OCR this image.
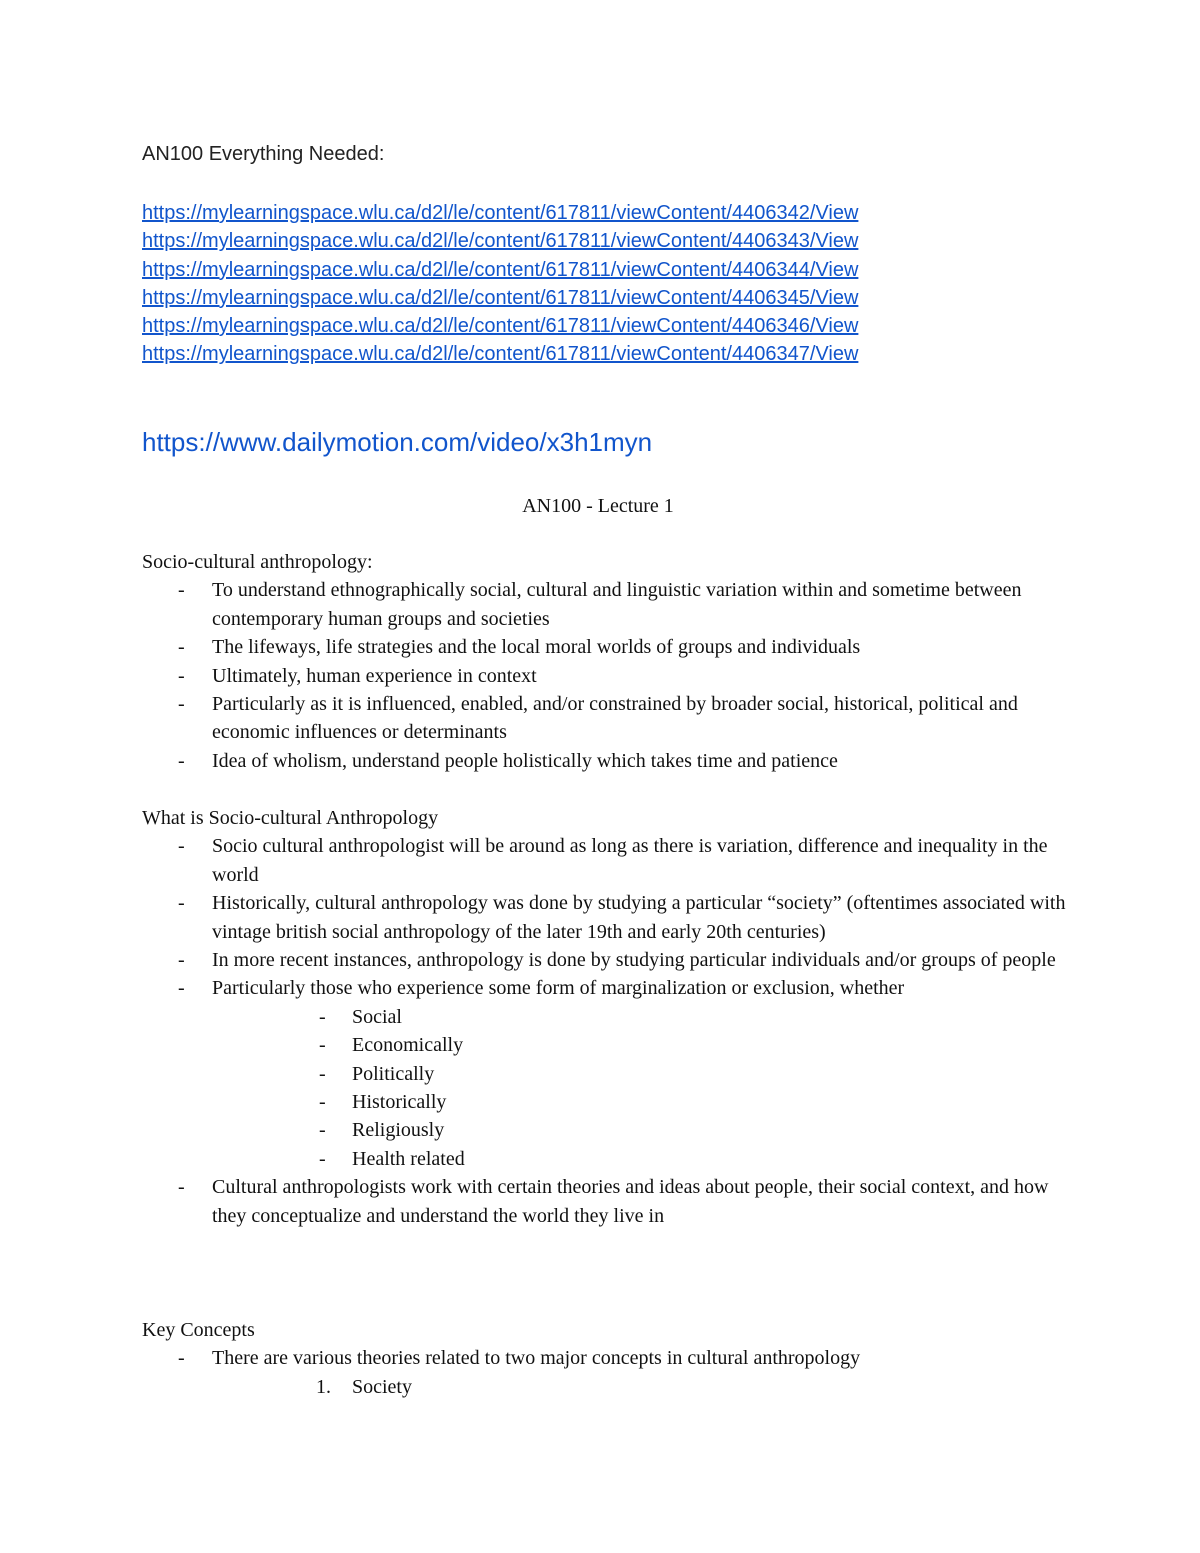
AN100 Everything Needed:
https://mylearningspace.wlu.ca/d2l/le/content/617811/viewContent/4406342/View
https://mylearningspace.wlu.ca/d2l/le/content/617811/viewContent/4406343/View
https://mylearningspace.wlu.ca/d2l/le/content/617811/viewContent/4406344/View
https://mylearningspace.wlu.ca/d2l/le/content/617811/viewContent/4406345/View
https://mylearningspace.wlu.ca/d2l/le/content/617811/viewContent/4406346/View
https://mylearningspace.wlu.ca/d2l/le/content/617811/viewContent/4406347/View
https://www.dailymotion.com/video/x3h1myn
AN100 - Lecture 1

Socio-cultural anthropology:

- To understand ethnographically social, cultural and linguistic variation within and sometime between contemporary human groups and societies
- The lifeways, life strategies and the local moral worlds of groups and individuals
- Ultimately, human experience in context
- Particularly as it is influenced, enabled, and/or constrained by broader social, historical, political and economic influences or determinants
- Idea of wholism, understand people holistically which takes time and patience

What is Socio-cultural Anthropology

- Socio cultural anthropologist will be around as long as there is variation, difference and inequality in the world
- Historically, cultural anthropology was done by studying a particular “society” (oftentimes associated with vintage british social anthropology of the later 19th and early 20th centuries)
- In more recent instances, anthropology is done by studying particular individuals and/or groups of people
- Particularly those who experience some form of marginalization or exclusion, whether
- Social
- Economically
- Politically
- Historically
- Religiously
- Health related
- Cultural anthropologists work with certain theories and ideas about people, their social context, and how they conceptualize and understand the world they live in

Key Concepts

- There are various theories related to two major concepts in cultural anthropology
1. Society
